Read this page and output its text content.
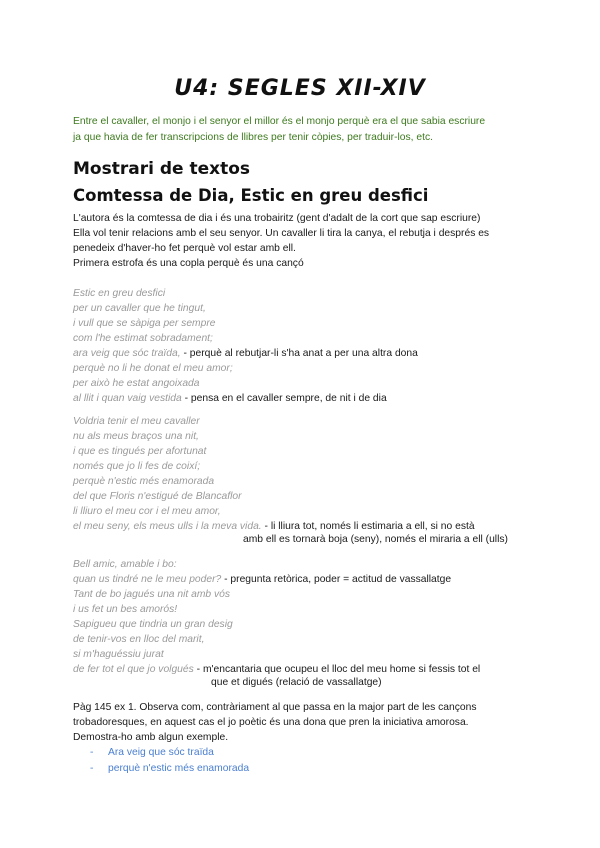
U4: SEGLES XII-XIV
Entre el cavaller, el monjo i el senyor el millor és el monjo perquè era el que sabia escriure
ja que havia de fer transcripcions de llibres per tenir còpies, per traduir-los, etc.
Mostrari de textos
Comtessa de Dia, Estic en greu desfici
L'autora és la comtessa de dia i és una trobairitz (gent d'adalt de la cort que sap escriure)
Ella vol tenir relacions amb el seu senyor. Un cavaller li tira la canya, el rebutja i després es
penedeix d'haver-ho fet perquè vol estar amb ell.
Primera estrofa és una copla perquè és una cançó
Estic en greu desfici
per un cavaller que he tingut,
i vull que se sàpiga per sempre
com l'he estimat sobradament;
ara veig que sóc traïda, - perquè al rebutjar-li s'ha anat a per una altra dona
perquè no li he donat el meu amor;
per això he estat angoixada
al llit i quan vaig vestida - pensa en el cavaller sempre, de nit i de dia
Voldria tenir el meu cavaller
nu als meus braços una nit,
i que es tingués per afortunat
només que jo li fes de coixí;
perquè n'estic més enamorada
del que Floris n'estigué de Blancaflor
li lliuro el meu cor i el meu amor,
el meu seny, els meus ulls i la meva vida. - li lliura tot, només li estimaria a ell, si no està
amb ell es tornarà boja (seny), només el miraria a ell (ulls)
Bell amic, amable i bo:
quan us tindré ne le meu poder? - pregunta retòrica, poder = actitud de vassallatge
Tant de bo jagués una nit amb vós
i us fet un bes amorós!
Sapigueu que tindria un gran desig
de tenir-vos en lloc del marit,
si m'haguéssiu jurat
de fer tot el que jo volgués - m'encantaria que ocupeu el lloc del meu home si fessis tot el
que et digués (relació de vassallatge)
Pàg 145 ex 1. Observa com, contràriament al que passa en la major part de les cançons
trobadoresques, en aquest cas el jo poètic és una dona que pren la iniciativa amorosa.
Demostra-ho amb algun exemple.
- Ara veig que sóc traïda
- perquè n'estic més enamorada
